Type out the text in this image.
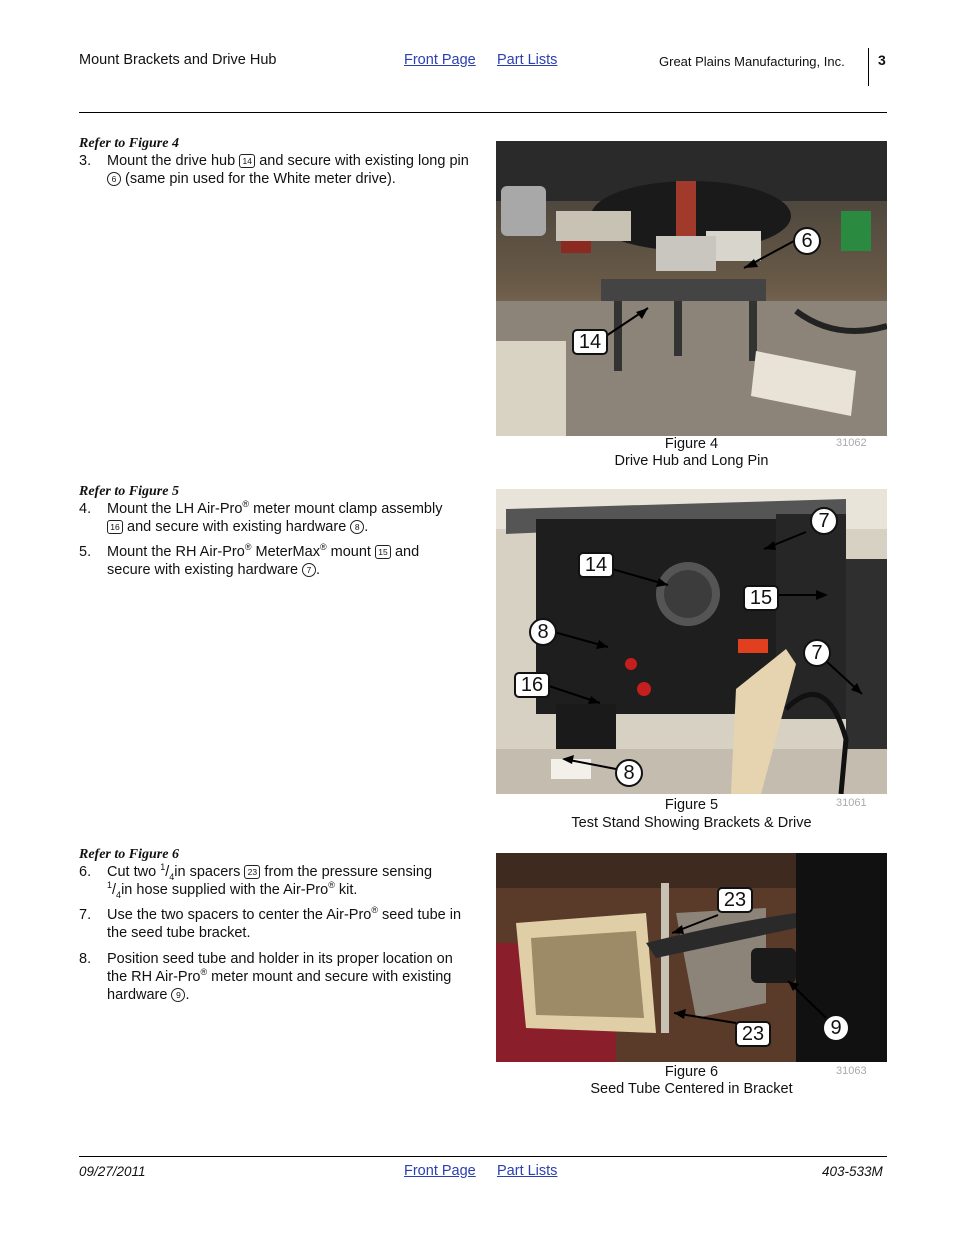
Mount Brackets and Drive Hub	Front Page Part Lists	Great Plains Manufacturing, Inc. 3
Refer to Figure 4
3. Mount the drive hub 14 and secure with existing long pin 6 (same pin used for the White meter drive).
6
14
Figure 4
Drive Hub and Long Pin
31062
Refer to Figure 5
4. Mount the LH Air-Pro® meter mount clamp assembly
16 and secure with existing hardware 8 .
5. Mount the RH Air-Pro® MeterMax® mount 15 and
secure with existing hardware 7 .
7
14
15
8
7
16
8
Figure 5
Test Stand Showing Brackets & Drive
31061
Refer to Figure 6
6. Cut two $^1/_4in$ spacers 23 from the pressure sensing
$^1/_4in$ hose supplied with the Air-Pro® kit.
7. Use the two spacers to center the Air-Pro® seed tube in the seed tube bracket.
8. Position seed tube and holder in its proper location on the RH Air-Pro® meter mount and secure with existing hardware 9 .
23
23	9
Figure 6
Seed Tube Centered in Bracket
31063
09/27/2011	Front Page Part Lists	403-533M
